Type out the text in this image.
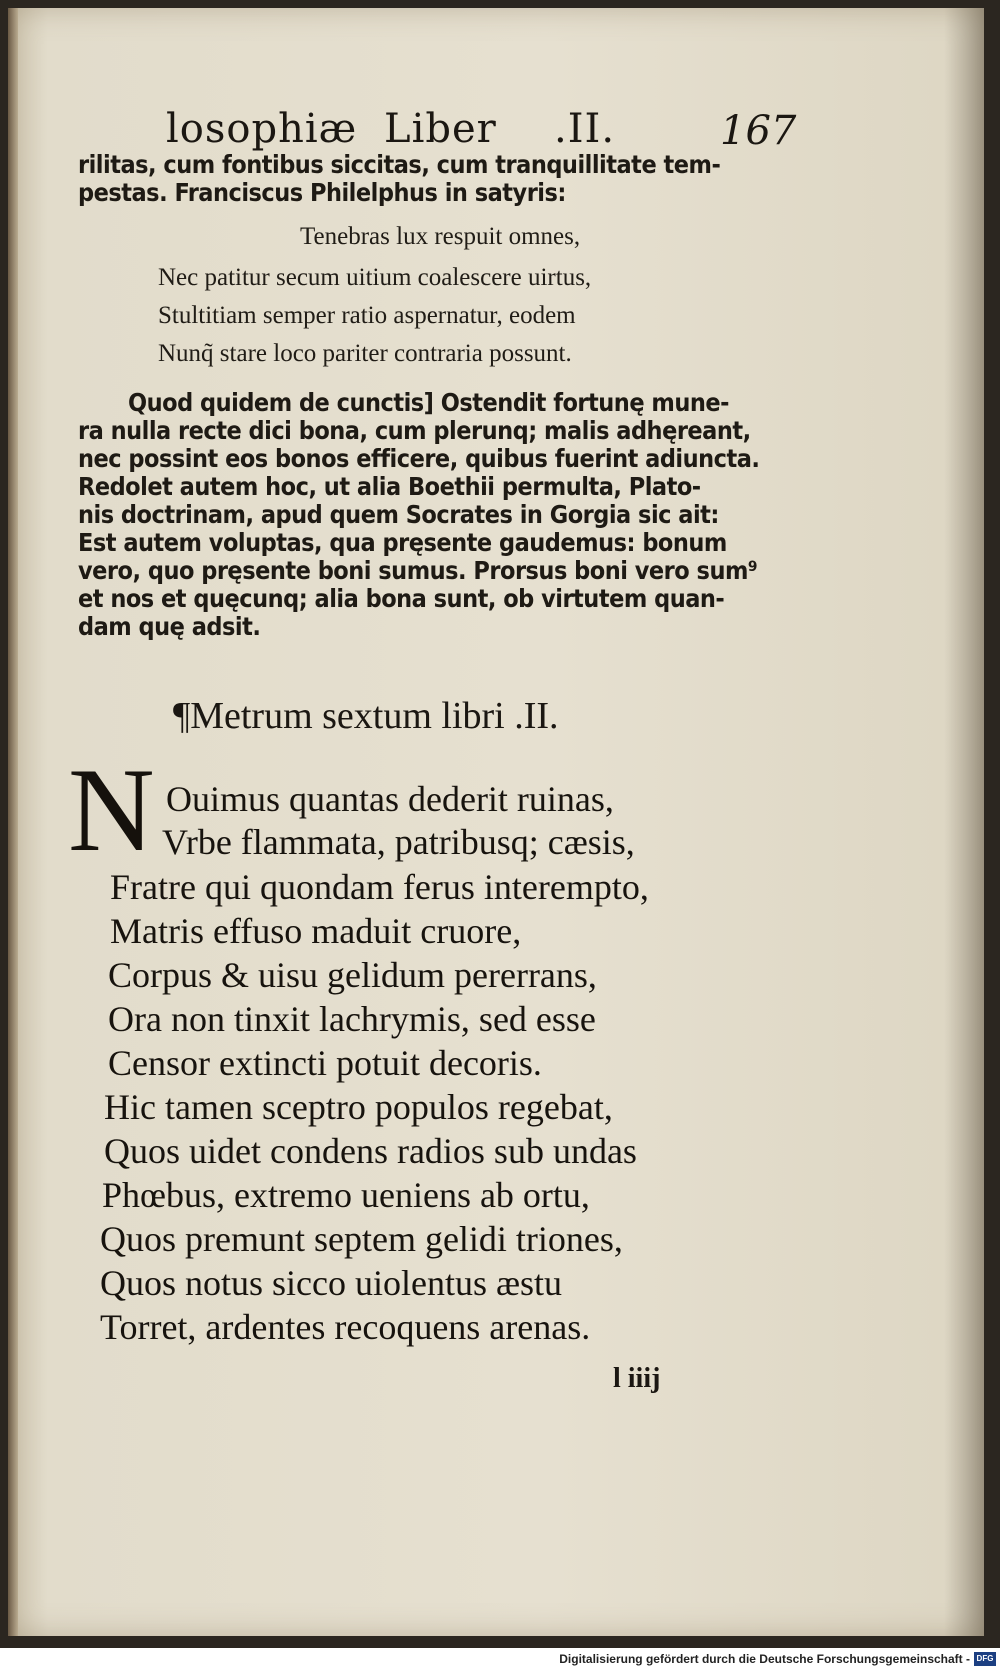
losophiæ Liber .II.	167
rilitas, cum fontibus siccitas, cum tranquillitate tem-
pestas. Franciscus Philelphus in satyris:
Tenebras lux respuit omnes,
Nec patitur secum uitium coalescere uirtus,
Stultitiam semper ratio aspernatur, eodem
Nunq̃ stare loco pariter contraria possunt.
Quod quidem de cunctis] Ostendit fortunę mune-
ra nulla recte dici bona, cum plerunq; malis adhęreant,
nec possint eos bonos efficere, quibus fuerint adiuncta.
Redolet autem hoc, ut alia Boethii permulta, Plato-
nis doctrinam, apud quem Socrates in Gorgia sic ait:
Est autem voluptas, qua pręsente gaudemus: bonum
vero, quo pręsente boni sumus. Prorsus boni vero sum⁹
et nos et quęcunq; alia bona sunt, ob virtutem quan-
dam quę adsit.
¶Metrum sextum libri .II.
N Ouimus quantas dederit ruinas,
Vrbe flammata, patribusq; cæsis,
Fratre qui quondam ferus interempto,
Matris effuso maduit cruore,
Corpus & uisu gelidum pererrans,
Ora non tinxit lachrymis, sed esse
Censor extincti potuit decoris.
Hic tamen sceptro populos regebat,
Quos uidet condens radios sub undas
Phœbus, extremo ueniens ab ortu,
Quos premunt septem gelidi triones,
Quos notus sicco uiolentus æstu
Torret, ardentes recoquens arenas.
l iiij
Digitalisierung gefördert durch die Deutsche Forschungsgemeinschaft - DFG
